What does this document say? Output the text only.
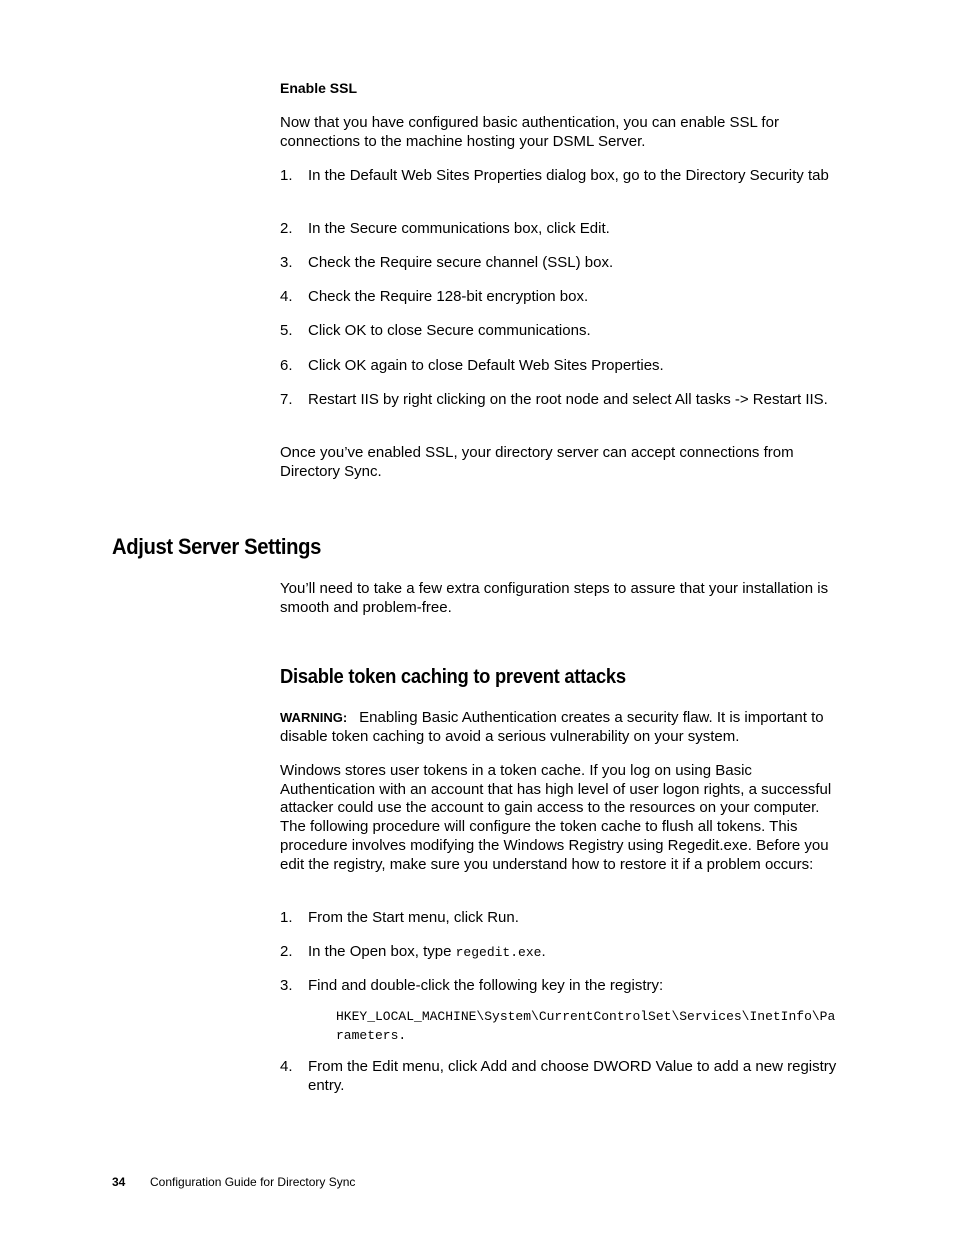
Enable SSL
Now that you have configured basic authentication, you can enable SSL for connections to the machine hosting your DSML Server.
1.	In the Default Web Sites Properties dialog box, go to the Directory Security tab
2.	In the Secure communications box, click Edit.
3.	Check the Require secure channel (SSL) box.
4.	Check the Require 128-bit encryption box.
5.	Click OK to close Secure communications.
6.	Click OK again to close Default Web Sites Properties.
7.	Restart IIS by right clicking on the root node and select All tasks -> Restart IIS.
Once you’ve enabled SSL, your directory server can accept connections from Directory Sync.
Adjust Server Settings
You’ll need to take a few extra configuration steps to assure that your installation is smooth and problem-free.
Disable token caching to prevent attacks
WARNING: Enabling Basic Authentication creates a security flaw. It is important to disable token caching to avoid a serious vulnerability on your system.
Windows stores user tokens in a token cache. If you log on using Basic Authentication with an account that has high level of user logon rights, a successful attacker could use the account to gain access to the resources on your computer. The following procedure will configure the token cache to flush all tokens. This procedure involves modifying the Windows Registry using Regedit.exe. Before you edit the registry, make sure you understand how to restore it if a problem occurs:
1.	From the Start menu, click Run.
2.	In the Open box, type regedit.exe.
3.	Find and double-click the following key in the registry:
HKEY_LOCAL_MACHINE\System\CurrentControlSet\Services\InetInfo\Parameters.
4.	From the Edit menu, click Add and choose DWORD Value to add a new registry entry.
34 Configuration Guide for Directory Sync
